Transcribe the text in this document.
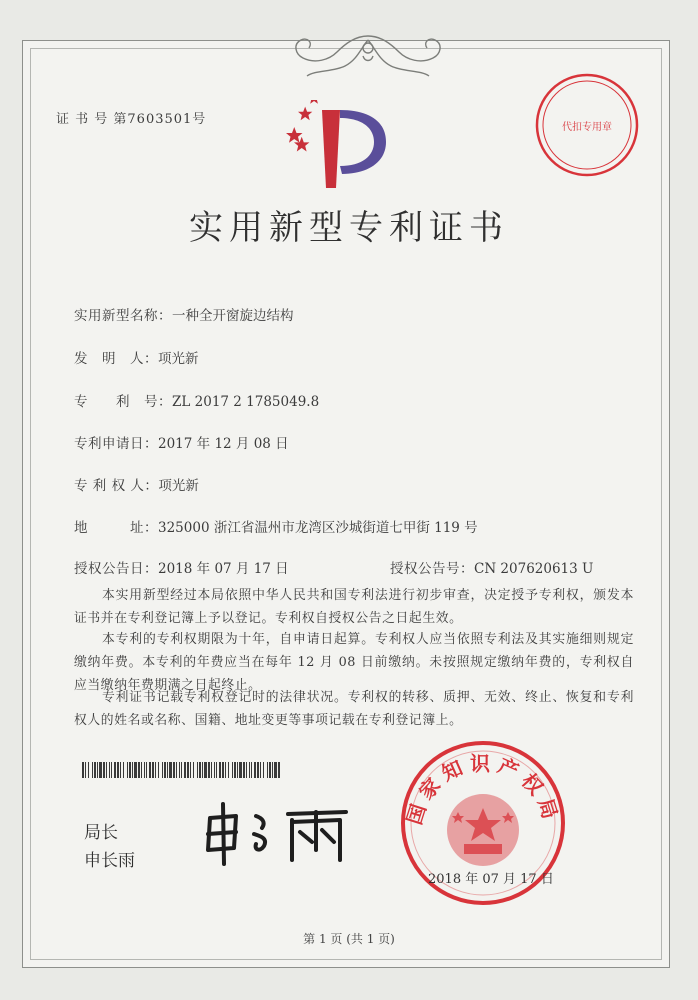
证 书 号 第7603501号
实用新型专利证书
实用新型名称：一种全开窗旋边结构
发　明　人：项光新
专　　利　号：ZL 2017 2 1785049.8
专利申请日：2017 年 12 月 08 日
专 利 权 人：项光新
地　　　址：325000 浙江省温州市龙湾区沙城街道七甲街 119 号
授权公告日：2018 年 07 月 17 日	授权公告号：CN 207620613 U
本实用新型经过本局依照中华人民共和国专利法进行初步审查，决定授予专利权，颁发本证书并在专利登记簿上予以登记。专利权自授权公告之日起生效。
本专利的专利权期限为十年，自申请日起算。专利权人应当依照专利法及其实施细则规定缴纳年费。本专利的年费应当在每年 12 月 08 日前缴纳。未按照规定缴纳年费的，专利权自应当缴纳年费期满之日起终止。
专利证书记载专利权登记时的法律状况。专利权的转移、质押、无效、终止、恢复和专利权人的姓名或名称、国籍、地址变更等事项记载在专利登记簿上。
局长
申长雨
国家知识产权局
2018 年 07 月 17 日
代扣专用章
第 1 页 (共 1 页)
